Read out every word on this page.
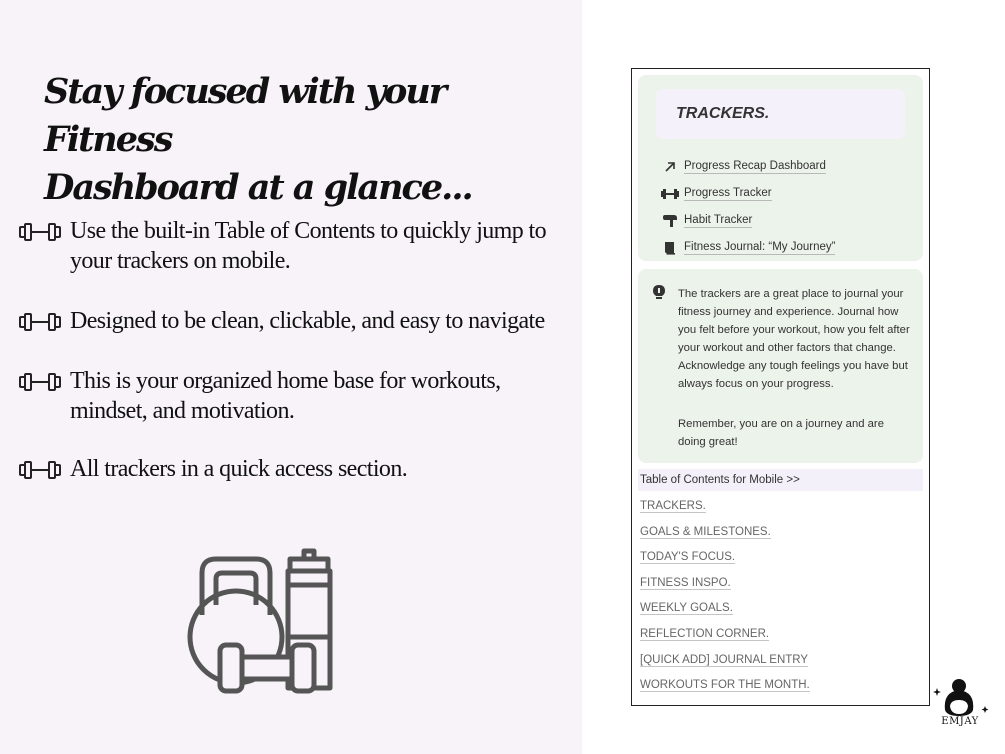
Stay focused with your Fitness
Dashboard at a glance...
Use the built-in Table of Contents to quickly jump to
your trackers on mobile.
Designed to be clean, clickable, and easy to navigate
This is your organized home base for workouts,
mindset, and motivation.
All trackers in a quick access section.
TRACKERS.
Progress Recap Dashboard
Progress Tracker
Habit Tracker
Fitness Journal: “My Journey”
The trackers are a great place to journal your fitness journey and experience. Journal how you felt before your workout, how you felt after your workout and other factors that change. Acknowledge any tough feelings you have but always focus on your progress.
Remember, you are on a journey and are doing great!
Table of Contents for Mobile >>
TRACKERS.
GOALS & MILESTONES.
TODAY'S FOCUS.
FITNESS INSPO.
WEEKLY GOALS.
REFLECTION CORNER.
[QUICK ADD] JOURNAL ENTRY
WORKOUTS FOR THE MONTH.
EMJAY
